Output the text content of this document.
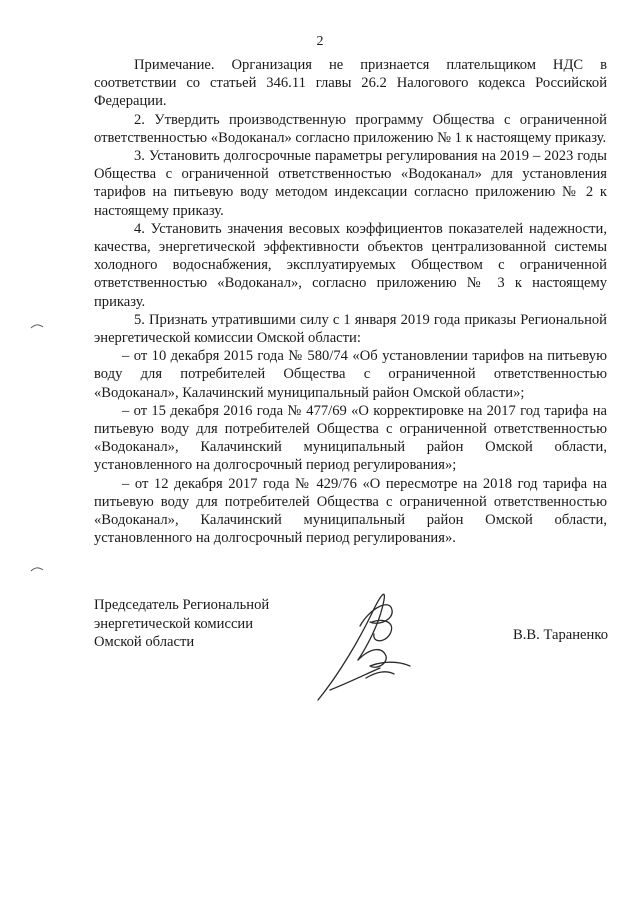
2

Примечание. Организация не признается плательщиком НДС в соответствии со статьей 346.11 главы 26.2 Налогового кодекса Российской Федерации.

2. Утвердить производственную программу Общества с ограниченной ответственностью «Водоканал» согласно приложению № 1 к настоящему приказу.

3. Установить долгосрочные параметры регулирования на 2019 – 2023 годы Общества с ограниченной ответственностью «Водоканал» для установления тарифов на питьевую воду методом индексации согласно приложению № 2 к настоящему приказу.

4. Установить значения весовых коэффициентов показателей надежности, качества, энергетической эффективности объектов централизованной системы холодного водоснабжения, эксплуатируемых Обществом с ограниченной ответственностью «Водоканал», согласно приложению № 3 к настоящему приказу.

5. Признать утратившими силу с 1 января 2019 года приказы Региональной энергетической комиссии Омской области:

– от 10 декабря 2015 года № 580/74 «Об установлении тарифов на питьевую воду для потребителей Общества с ограниченной ответственностью «Водоканал», Калачинский муниципальный район Омской области»;

– от 15 декабря 2016 года № 477/69 «О корректировке на 2017 год тарифа на питьевую воду для потребителей Общества с ограниченной ответственностью «Водоканал», Калачинский муниципальный район Омской области, установленного на долгосрочный период регулирования»;

– от 12 декабря 2017 года № 429/76 «О пересмотре на 2018 год тарифа на питьевую воду для потребителей Общества с ограниченной ответственностью «Водоканал», Калачинский муниципальный район Омской области, установленного на долгосрочный период регулирования».

Председатель Региональной
энергетической комиссии
Омской области	В.В. Тараненко
